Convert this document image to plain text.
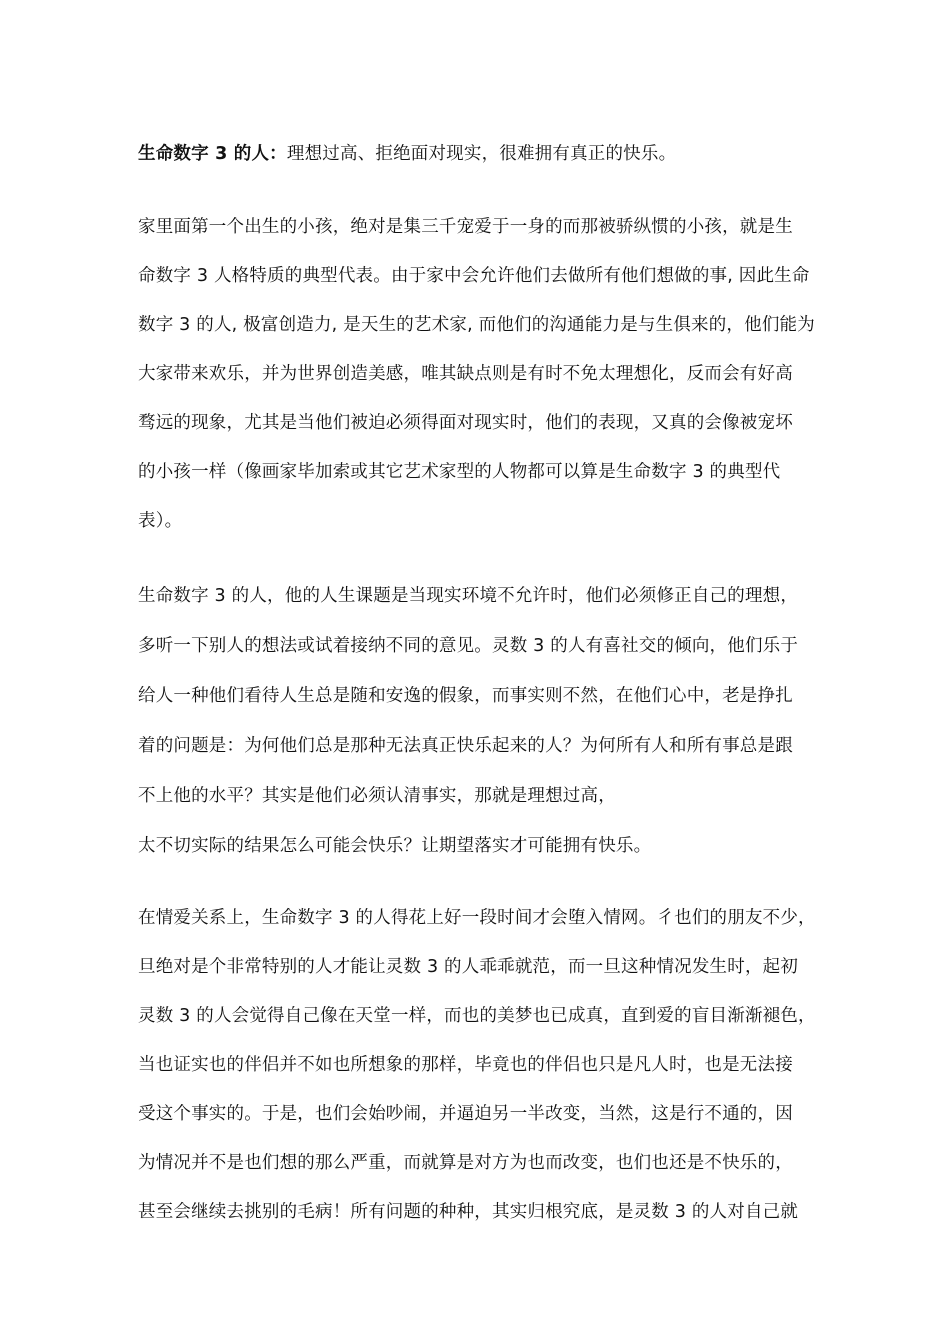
生命数字 3 的人：理想过高、拒绝面对现实，很难拥有真正的快乐。
家里面第一个出生的小孩，绝对是集三千宠爱于一身的而那被骄纵惯的小孩，就是生
命数字 3 人格特质的典型代表。由于家中会允许他们去做所有他们想做的事, 因此生命
数字 3 的人, 极富创造力, 是天生的艺术家, 而他们的沟通能力是与生俱来的，他们能为
大家带来欢乐，并为世界创造美感，唯其缺点则是有时不免太理想化，反而会有好高
骛远的现象，尤其是当他们被迫必须得面对现实时，他们的表现，又真的会像被宠坏
的小孩一样（像画家毕加索或其它艺术家型的人物都可以算是生命数字 3 的典型代
表）。
生命数字 3 的人，他的人生课题是当现实环境不允许时，他们必须修正自己的理想，
多听一下别人的想法或试着接纳不同的意见。灵数 3 的人有喜社交的倾向，他们乐于
给人一种他们看待人生总是随和安逸的假象，而事实则不然，在他们心中，老是挣扎
着的问题是：为何他们总是那种无法真正快乐起来的人？为何所有人和所有事总是跟
不上他的水平？其实是他们必须认清事实，那就是理想过高，
太不切实际的结果怎么可能会快乐？让期望落实才可能拥有快乐。
在情爱关系上，生命数字 3 的人得花上好一段时间才会堕入情网。彳也们的朋友不少，
旦绝对是个非常特别的人才能让灵数 3 的人乖乖就范，而一旦这种情况发生时，起初
灵数 3 的人会觉得自己像在天堂一样，而也的美梦也已成真，直到爱的盲目渐渐褪色，
当也证实也的伴侣并不如也所想象的那样，毕竟也的伴侣也只是凡人时，也是无法接
受这个事实的。于是，也们会始吵闹，并逼迫另一半改变，当然，这是行不通的，因
为情况并不是也们想的那么严重，而就算是对方为也而改变，也们也还是不快乐的，
甚至会继续去挑别的毛病！所有问题的种种，其实归根究底，是灵数 3 的人对自己就
